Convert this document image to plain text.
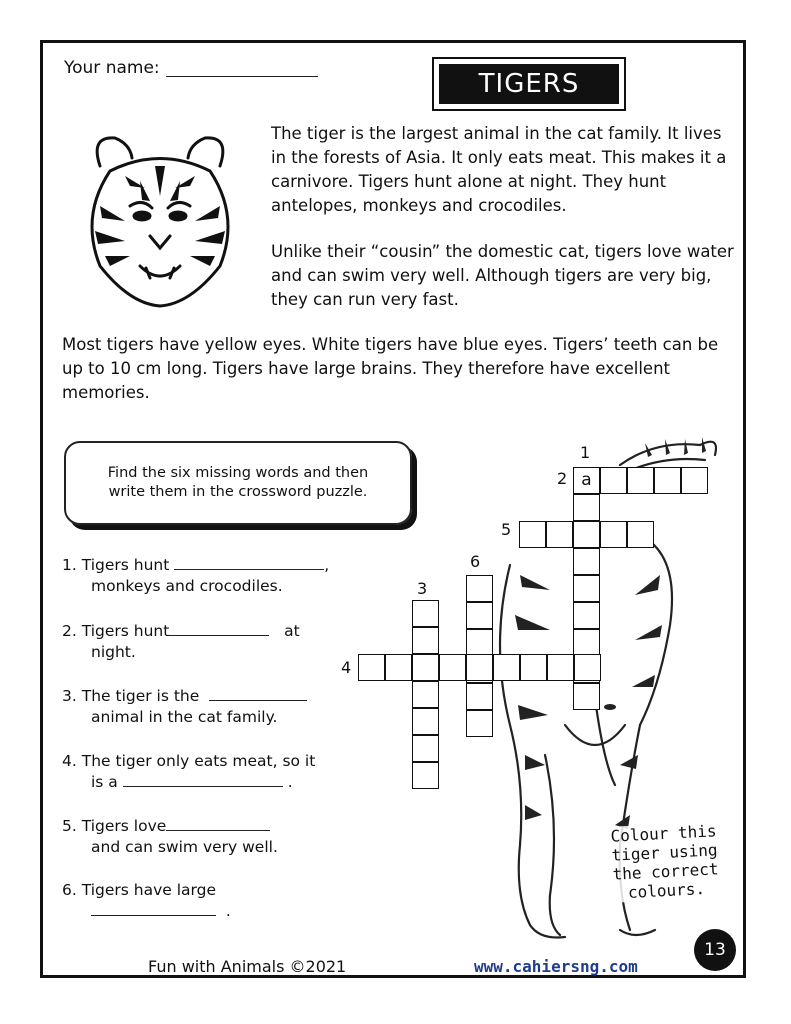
Your name:
TIGERS
The tiger is the largest animal in the cat family. It lives in the forests of Asia. It only eats meat. This makes it a carnivore. Tigers hunt alone at night. They hunt antelopes, monkeys and crocodiles.
Unlike their “cousin” the domestic cat, tigers love water and can swim very well. Although tigers are very big, they can run very fast.
Most tigers have yellow eyes. White tigers have blue eyes. Tigers’ teeth can be up to 10 cm long. Tigers have large brains. They therefore have excellent memories.
Find the six missing words and then write them in the crossword puzzle.
1. Tigers hunt	,
monkeys and crocodiles.
2. Tigers hunt	at
night.
3. The tiger is the
animal in the cat family.
4. The tiger only eats meat, so it
is a	.
5. Tigers love
and can swim very well.
6. Tigers have large
.
1
2
3
4
5
6
a
Colour this
tiger using
the correct
colours.
Fun with Animals ©2021	www.cahiersng.com
13
